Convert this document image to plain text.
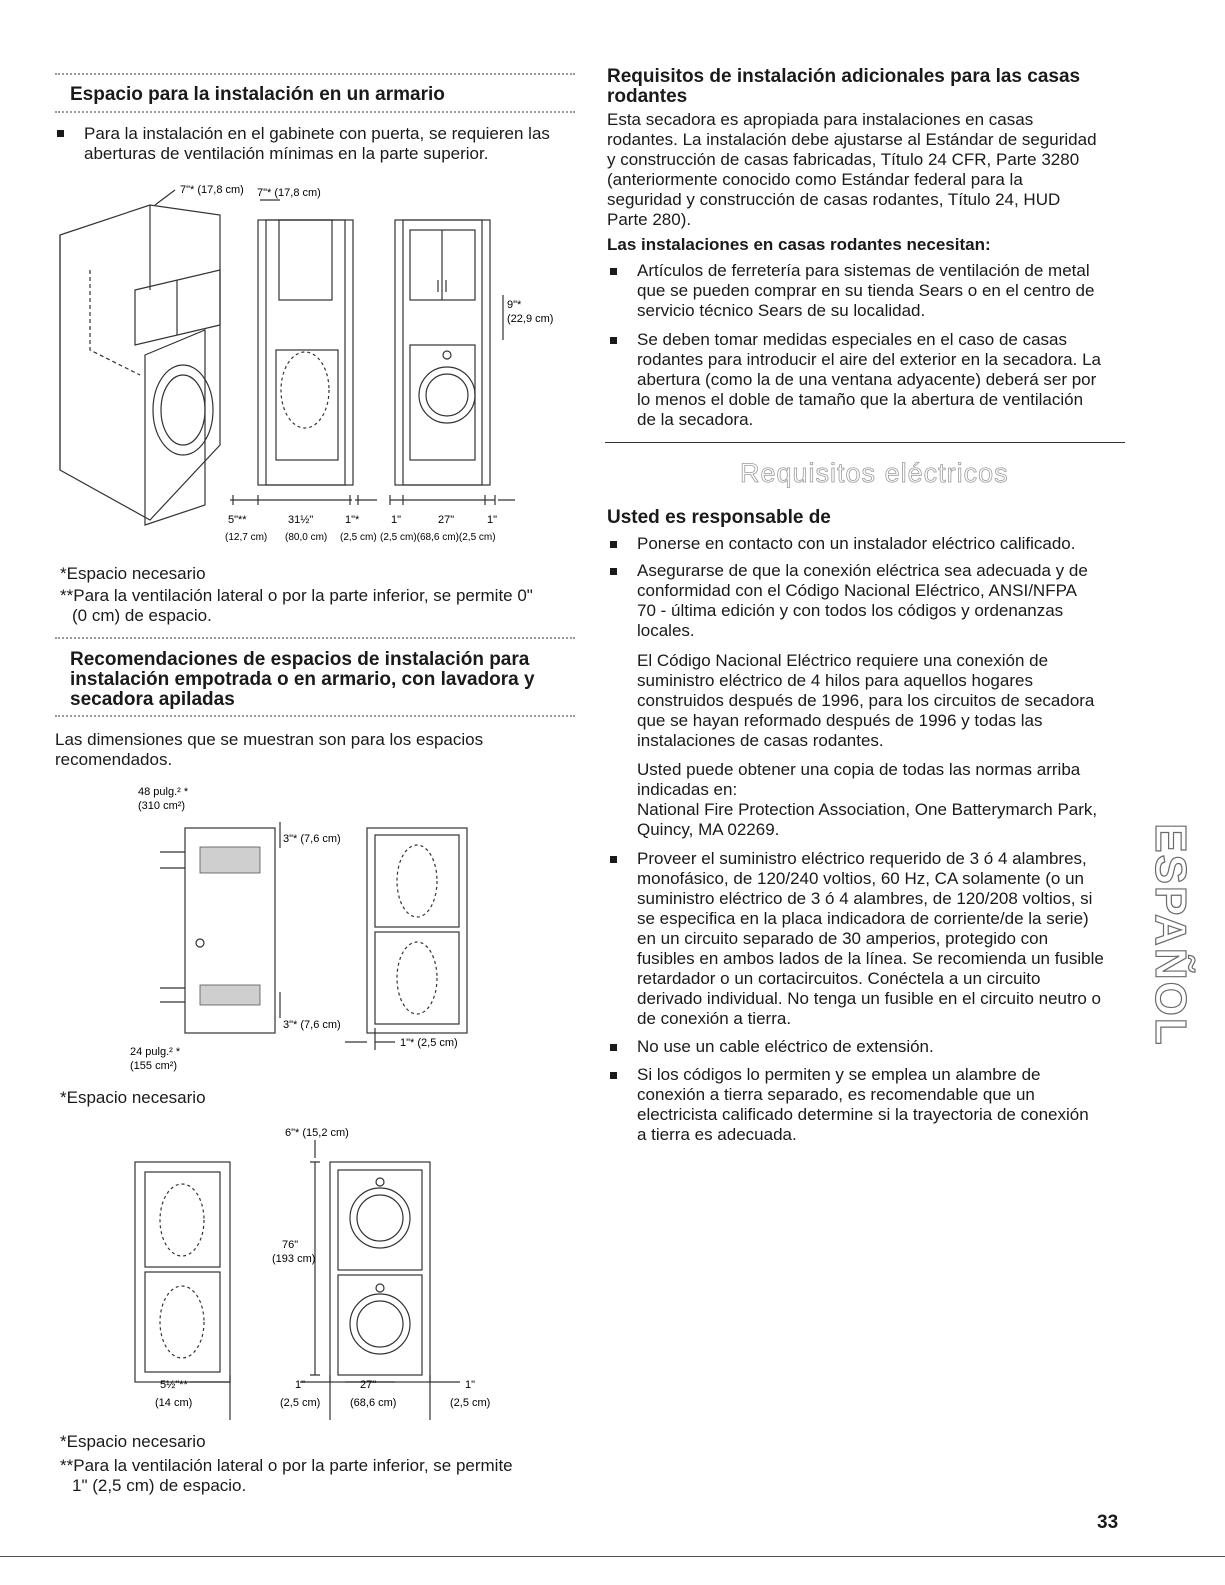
Espacio para la instalación en un armario
Para la instalación en el gabinete con puerta, se requieren las
aberturas de ventilación mínimas en la parte superior.
7"* (17,8 cm) 7"* (17,8 cm)
9"*
(22,9 cm)
5"**	31½"	1"*	1"	27"	1"
(12,7 cm) (80,0 cm) (2,5 cm) (2,5 cm)(68,6 cm)(2,5 cm)
*Espacio necesario
**Para la ventilación lateral o por la parte inferior, se permite 0"
(0 cm) de espacio.
Recomendaciones de espacios de instalación para
instalación empotrada o en armario, con lavadora y
secadora apiladas
Las dimensiones que se muestran son para los espacios
recomendados.
48 pulg.² *
(310 cm²)
3"* (7,6 cm)
3"* (7,6 cm)
24 pulg.² *
(155 cm²)
1"* (2,5 cm)
*Espacio necesario
6"* (15,2 cm)
76"
(193 cm)
5½"**	1"	27"	1"
(14 cm)	(2,5 cm)	(68,6 cm)	(2,5 cm)
*Espacio necesario
**Para la ventilación lateral o por la parte inferior, se permite
1" (2,5 cm) de espacio.
Requisitos de instalación adicionales para las casas
rodantes
Esta secadora es apropiada para instalaciones en casas
rodantes. La instalación debe ajustarse al Estándar de seguridad
y construcción de casas fabricadas, Título 24 CFR, Parte 3280
(anteriormente conocido como Estándar federal para la
seguridad y construcción de casas rodantes, Título 24, HUD
Parte 280).
Las instalaciones en casas rodantes necesitan:
Artículos de ferretería para sistemas de ventilación de metal
que se pueden comprar en su tienda Sears o en el centro de
servicio técnico Sears de su localidad.
Se deben tomar medidas especiales en el caso de casas
rodantes para introducir el aire del exterior en la secadora. La
abertura (como la de una ventana adyacente) deberá ser por
lo menos el doble de tamaño que la abertura de ventilación
de la secadora.
Requisitos eléctricos
Usted es responsable de
Ponerse en contacto con un instalador eléctrico calificado.
Asegurarse de que la conexión eléctrica sea adecuada y de
conformidad con el Código Nacional Eléctrico, ANSI/NFPA
70 - última edición y con todos los códigos y ordenanzas
locales.
El Código Nacional Eléctrico requiere una conexión de
suministro eléctrico de 4 hilos para aquellos hogares
construidos después de 1996, para los circuitos de secadora
que se hayan reformado después de 1996 y todas las
instalaciones de casas rodantes.
Usted puede obtener una copia de todas las normas arriba
indicadas en:
National Fire Protection Association, One Batterymarch Park,
Quincy, MA 02269.
Proveer el suministro eléctrico requerido de 3 ó 4 alambres,
monofásico, de 120/240 voltios, 60 Hz, CA solamente (o un
suministro eléctrico de 3 ó 4 alambres, de 120/208 voltios, si
se especifica en la placa indicadora de corriente/de la serie)
en un circuito separado de 30 amperios, protegido con
fusibles en ambos lados de la línea. Se recomienda un fusible
retardador o un cortacircuitos. Conéctela a un circuito
derivado individual. No tenga un fusible en el circuito neutro o
de conexión a tierra.
No use un cable eléctrico de extensión.
Si los códigos lo permiten y se emplea un alambre de
conexión a tierra separado, es recomendable que un
electricista calificado determine si la trayectoria de conexión
a tierra es adecuada.
ESPAÑOL
33
